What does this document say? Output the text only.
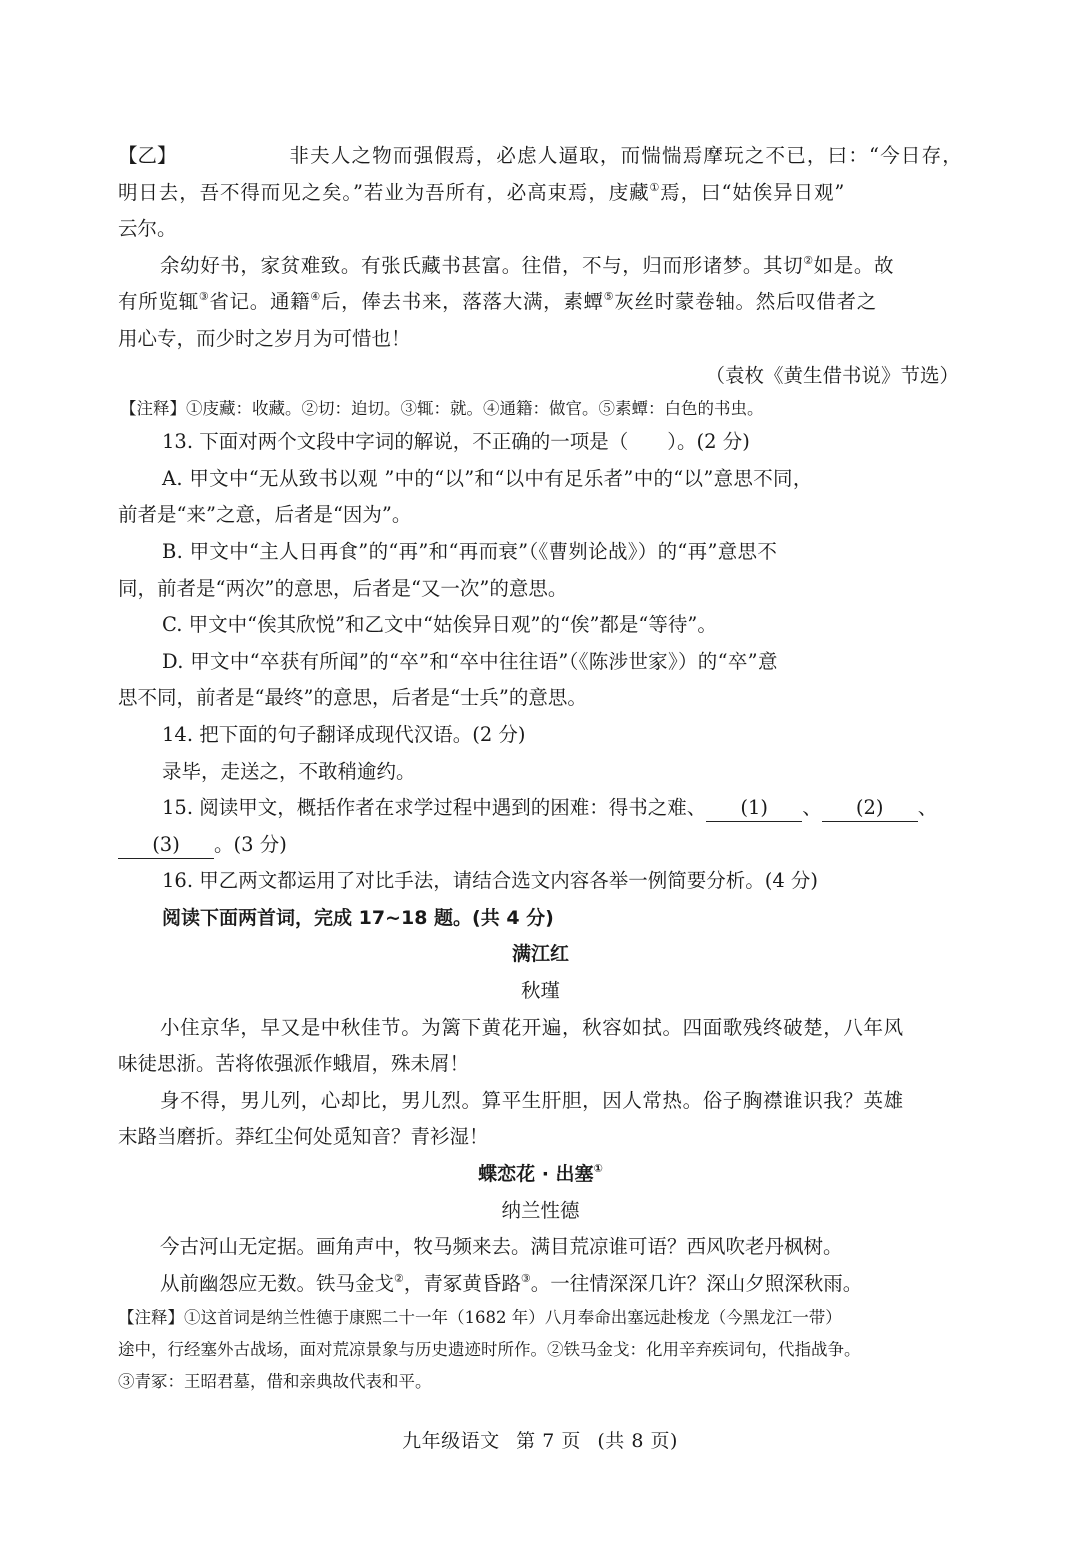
【乙】	非夫人之物而强假焉，必虑人逼取，而惴惴焉摩玩之不已，曰：“今日存，
明日去，吾不得而见之矣。”若业为吾所有，必高束焉，庋藏①焉，曰“姑俟异日观”
云尔。
余幼好书，家贫难致。有张氏藏书甚富。往借，不与，归而形诸梦。其切②如是。故
有所览辄③省记。通籍④后，俸去书来，落落大满，素蟫⑤灰丝时蒙卷轴。然后叹借者之
用心专，而少时之岁月为可惜也！
（袁枚《黄生借书说》节选）
【注释】①庋藏：收藏。②切：迫切。③辄：就。④通籍：做官。⑤素蟫：白色的书虫。
13. 下面对两个文段中字词的解说，不正确的一项是（　　）。(2 分)
A. 甲文中“无从致书以观 ”中的“以”和“以中有足乐者”中的“以”意思不同，
前者是“来”之意，后者是“因为”。
B. 甲文中“主人日再食”的“再”和“再而衰”（《曹刿论战》）的“再”意思不
同，前者是“两次”的意思，后者是“又一次”的意思。
C. 甲文中“俟其欣悦”和乙文中“姑俟异日观”的“俟”都是“等待”。
D. 甲文中“卒获有所闻”的“卒”和“卒中往往语”（《陈涉世家》）的“卒”意
思不同，前者是“最终”的意思，后者是“士兵”的意思。
14. 把下面的句子翻译成现代汉语。(2 分)
录毕，走送之，不敢稍逾约。
15. 阅读甲文，概括作者在求学过程中遇到的困难：得书之难、 (1) 、 (2) 、
(3) 。(3 分)
16. 甲乙两文都运用了对比手法，请结合选文内容各举一例简要分析。(4 分)
阅读下面两首词，完成 17~18 题。(共 4 分)
满江红
秋瑾
小住京华，早又是中秋佳节。为篱下黄花开遍，秋容如拭。四面歌残终破楚，八年风
味徒思浙。苦将侬强派作蛾眉，殊未屑！
身不得，男儿列，心却比，男儿烈。算平生肝胆，因人常热。俗子胸襟谁识我？英雄
末路当磨折。莽红尘何处觅知音？青衫湿！
蝶恋花 · 出塞①
纳兰性德
今古河山无定据。画角声中，牧马频来去。满目荒凉谁可语？西风吹老丹枫树。
从前幽怨应无数。铁马金戈②，青冢黄昏路③。一往情深深几许？深山夕照深秋雨。
【注释】①这首词是纳兰性德于康熙二十一年（1682 年）八月奉命出塞远赴梭龙（今黑龙江一带）
途中，行经塞外古战场，面对荒凉景象与历史遗迹时所作。②铁马金戈：化用辛弃疾词句，代指战争。
③青冢：王昭君墓，借和亲典故代表和平。
九年级语文 第 7 页 (共 8 页)
